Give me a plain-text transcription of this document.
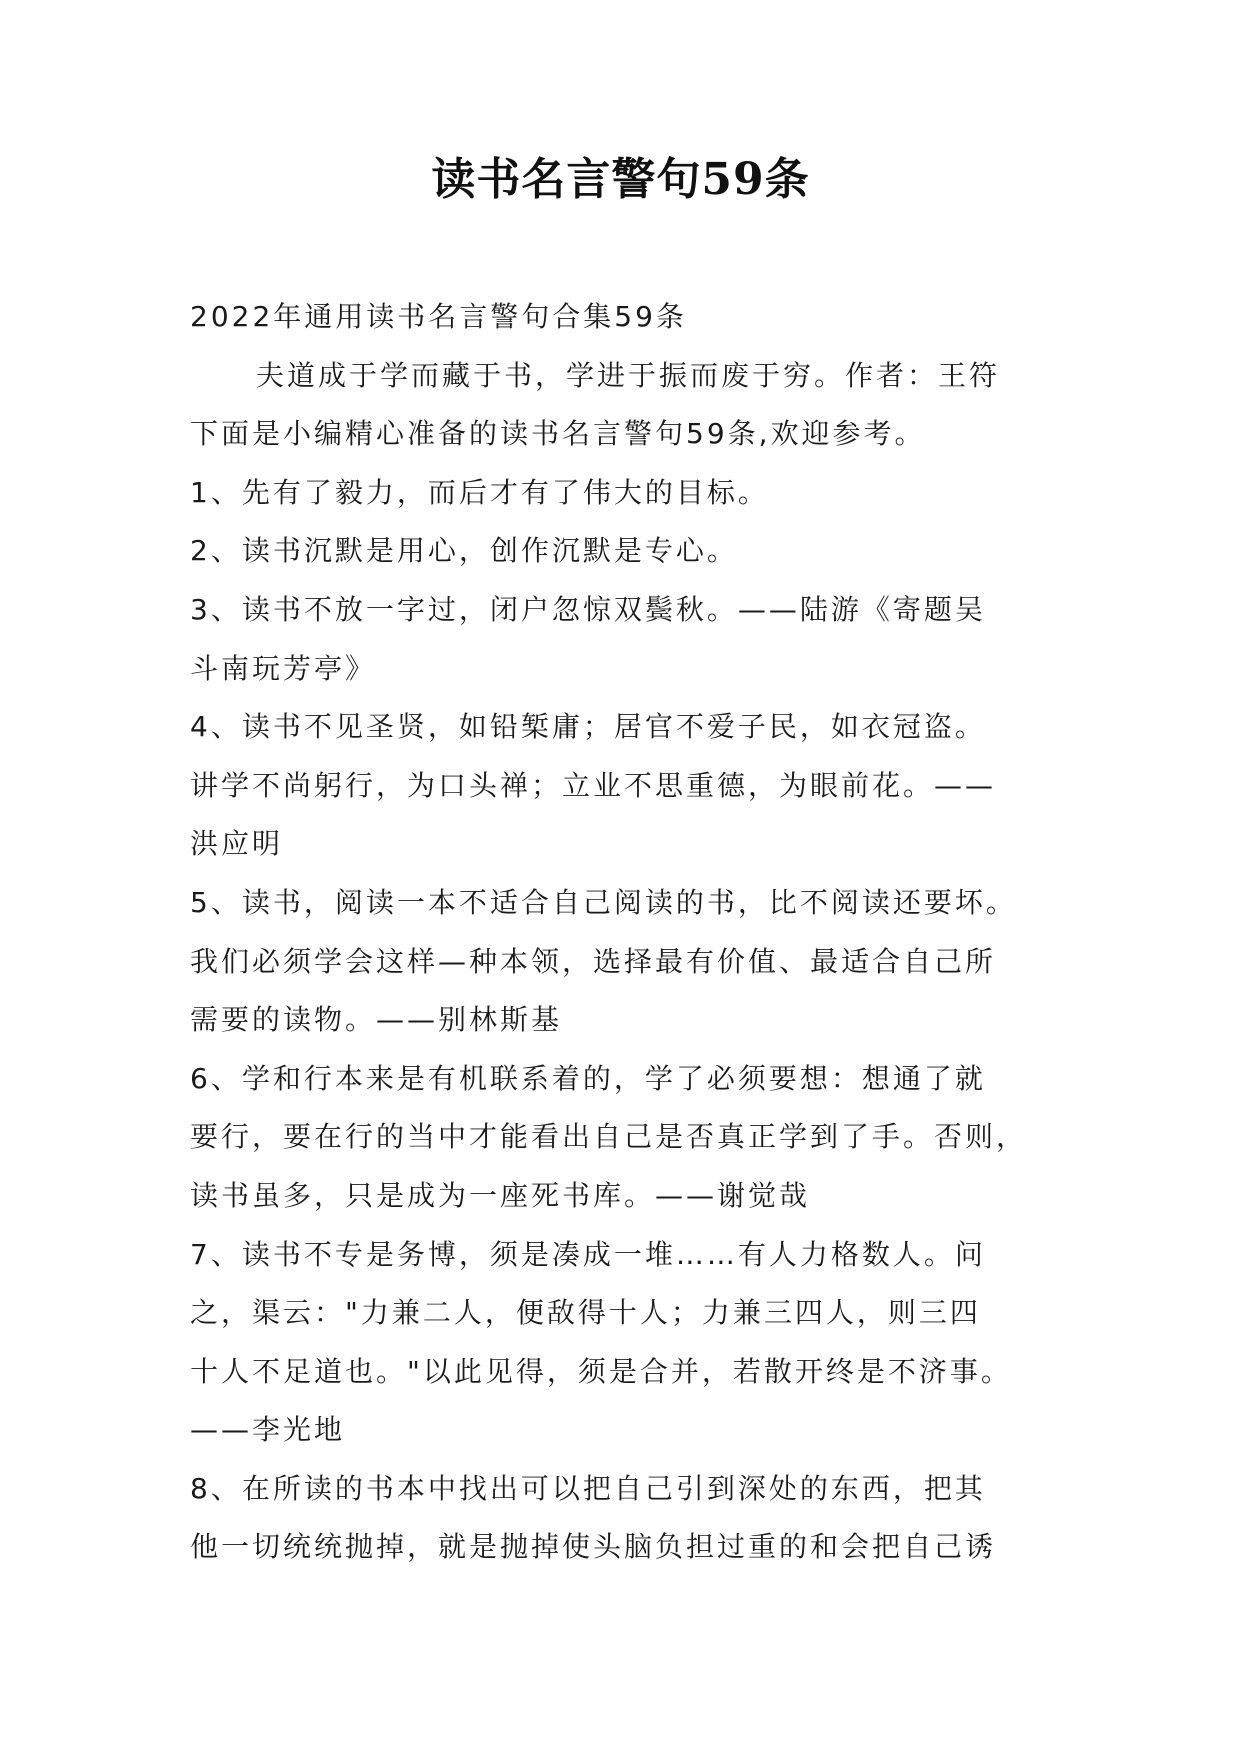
读书名言警句59条
2022年通用读书名言警句合集59条
夫道成于学而藏于书，学进于振而废于穷。作者：王符
下面是小编精心准备的读书名言警句59条,欢迎参考。
1、先有了毅力，而后才有了伟大的目标。
2、读书沉默是用心，创作沉默是专心。
3、读书不放一字过，闭户忽惊双鬓秋。——陆游《寄题吴
斗南玩芳亭》
4、读书不见圣贤，如铅椠庸；居官不爱子民，如衣冠盗。
讲学不尚躬行，为口头禅；立业不思重德，为眼前花。——
洪应明
5、读书，阅读一本不适合自己阅读的书，比不阅读还要坏。
我们必须学会这样—种本领，选择最有价值、最适合自己所
需要的读物。——别林斯基
6、学和行本来是有机联系着的，学了必须要想：想通了就
要行，要在行的当中才能看出自己是否真正学到了手。否则，
读书虽多，只是成为一座死书库。——谢觉哉
7、读书不专是务博，须是凑成一堆……有人力格数人。问
之，渠云："力兼二人，便敌得十人；力兼三四人，则三四
十人不足道也。"以此见得，须是合并，若散开终是不济事。
——李光地
8、在所读的书本中找出可以把自己引到深处的东西，把其
他一切统统抛掉，就是抛掉使头脑负担过重的和会把自己诱
